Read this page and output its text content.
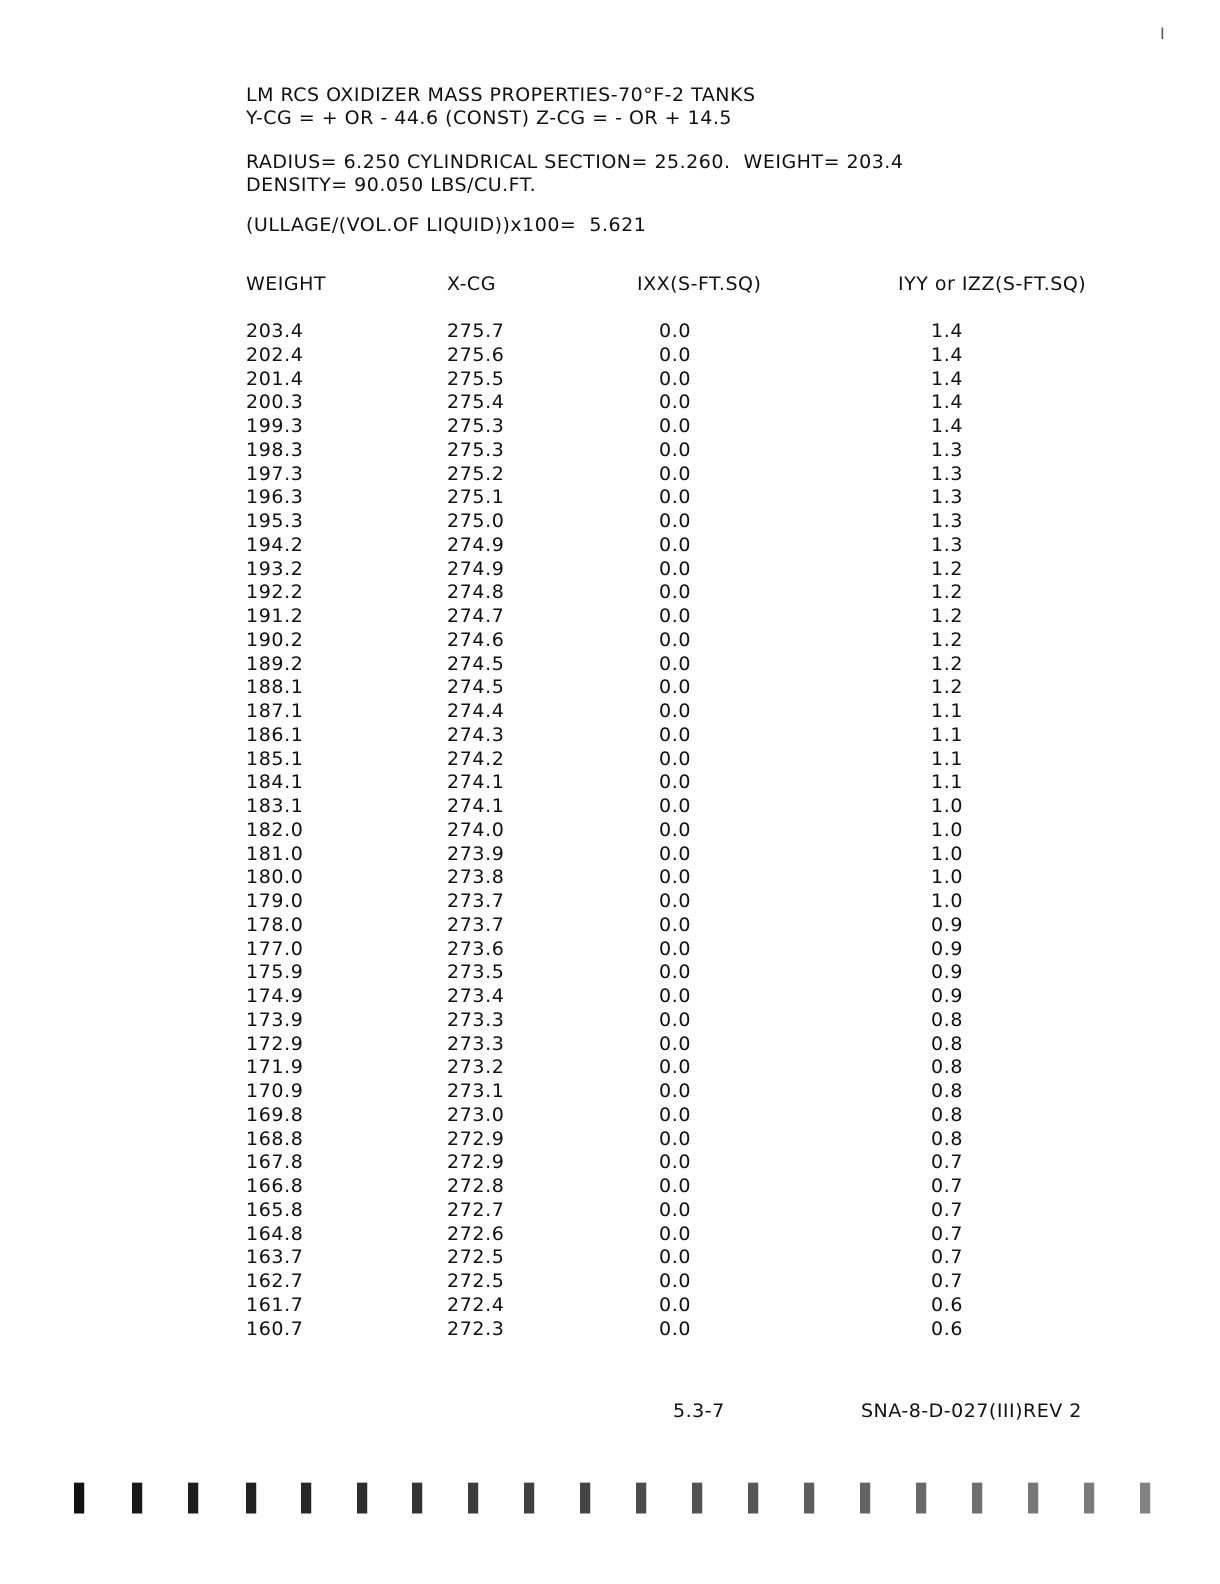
I
LM RCS OXIDIZER MASS PROPERTIES-70°F-2 TANKS
Y-CG = + OR - 44.6 (CONST) Z-CG = - OR + 14.5
RADIUS= 6.250 CYLINDRICAL SECTION= 25.260.  WEIGHT= 203.4
DENSITY= 90.050 LBS/CU.FT.
(ULLAGE/(VOL.OF LIQUID))x100=  5.621
WEIGHT	X-CG	IXX(S-FT.SQ)	IYY or IZZ(S-FT.SQ)
203.4	275.7	0.0	1.4
202.4	275.6	0.0	1.4
201.4	275.5	0.0	1.4
200.3	275.4	0.0	1.4
199.3	275.3	0.0	1.4
198.3	275.3	0.0	1.3
197.3	275.2	0.0	1.3
196.3	275.1	0.0	1.3
195.3	275.0	0.0	1.3
194.2	274.9	0.0	1.3
193.2	274.9	0.0	1.2
192.2	274.8	0.0	1.2
191.2	274.7	0.0	1.2
190.2	274.6	0.0	1.2
189.2	274.5	0.0	1.2
188.1	274.5	0.0	1.2
187.1	274.4	0.0	1.1
186.1	274.3	0.0	1.1
185.1	274.2	0.0	1.1
184.1	274.1	0.0	1.1
183.1	274.1	0.0	1.0
182.0	274.0	0.0	1.0
181.0	273.9	0.0	1.0
180.0	273.8	0.0	1.0
179.0	273.7	0.0	1.0
178.0	273.7	0.0	0.9
177.0	273.6	0.0	0.9
175.9	273.5	0.0	0.9
174.9	273.4	0.0	0.9
173.9	273.3	0.0	0.8
172.9	273.3	0.0	0.8
171.9	273.2	0.0	0.8
170.9	273.1	0.0	0.8
169.8	273.0	0.0	0.8
168.8	272.9	0.0	0.8
167.8	272.9	0.0	0.7
166.8	272.8	0.0	0.7
165.8	272.7	0.0	0.7
164.8	272.6	0.0	0.7
163.7	272.5	0.0	0.7
162.7	272.5	0.0	0.7
161.7	272.4	0.0	0.6
160.7	272.3	0.0	0.6
5.3-7	SNA-8-D-027(III)REV 2
▐ ▐ ▐ ▐ ▐ ▐ ▐ ▐ ▐ ▐ ▐ ▐ ▐ ▐ ▐ ▐ ▐ ▐ ▐ ▐
